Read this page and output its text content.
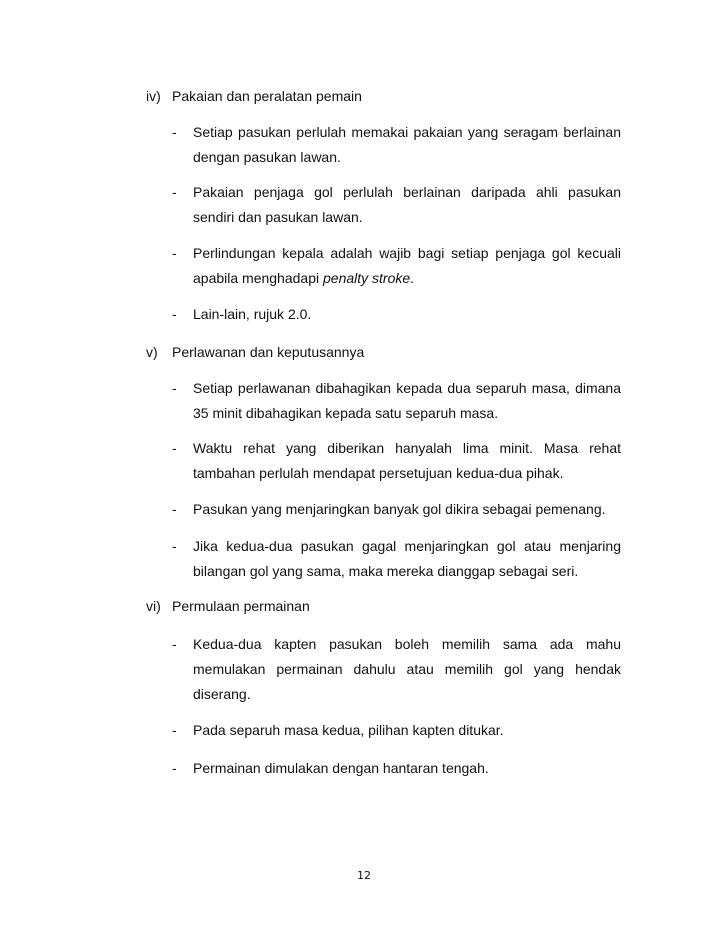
iv) Pakaian dan peralatan pemain
- Setiap pasukan perlulah memakai pakaian yang seragam berlainan
dengan pasukan lawan.
- Pakaian penjaga gol perlulah berlainan daripada ahli pasukan
sendiri dan pasukan lawan.
- Perlindungan kepala adalah wajib bagi setiap penjaga gol kecuali
apabila menghadapi penalty stroke.
- Lain-lain, rujuk 2.0.
v) Perlawanan dan keputusannya
- Setiap perlawanan dibahagikan kepada dua separuh masa, dimana
35 minit dibahagikan kepada satu separuh masa.
- Waktu rehat yang diberikan hanyalah lima minit. Masa rehat
tambahan perlulah mendapat persetujuan kedua-dua pihak.
- Pasukan yang menjaringkan banyak gol dikira sebagai pemenang.
- Jika kedua-dua pasukan gagal menjaringkan gol atau menjaring
bilangan gol yang sama, maka mereka dianggap sebagai seri.
vi) Permulaan permainan
- Kedua-dua kapten pasukan boleh memilih sama ada mahu
memulakan permainan dahulu atau memilih gol yang hendak
diserang.
- Pada separuh masa kedua, pilihan kapten ditukar.
- Permainan dimulakan dengan hantaran tengah.
12
